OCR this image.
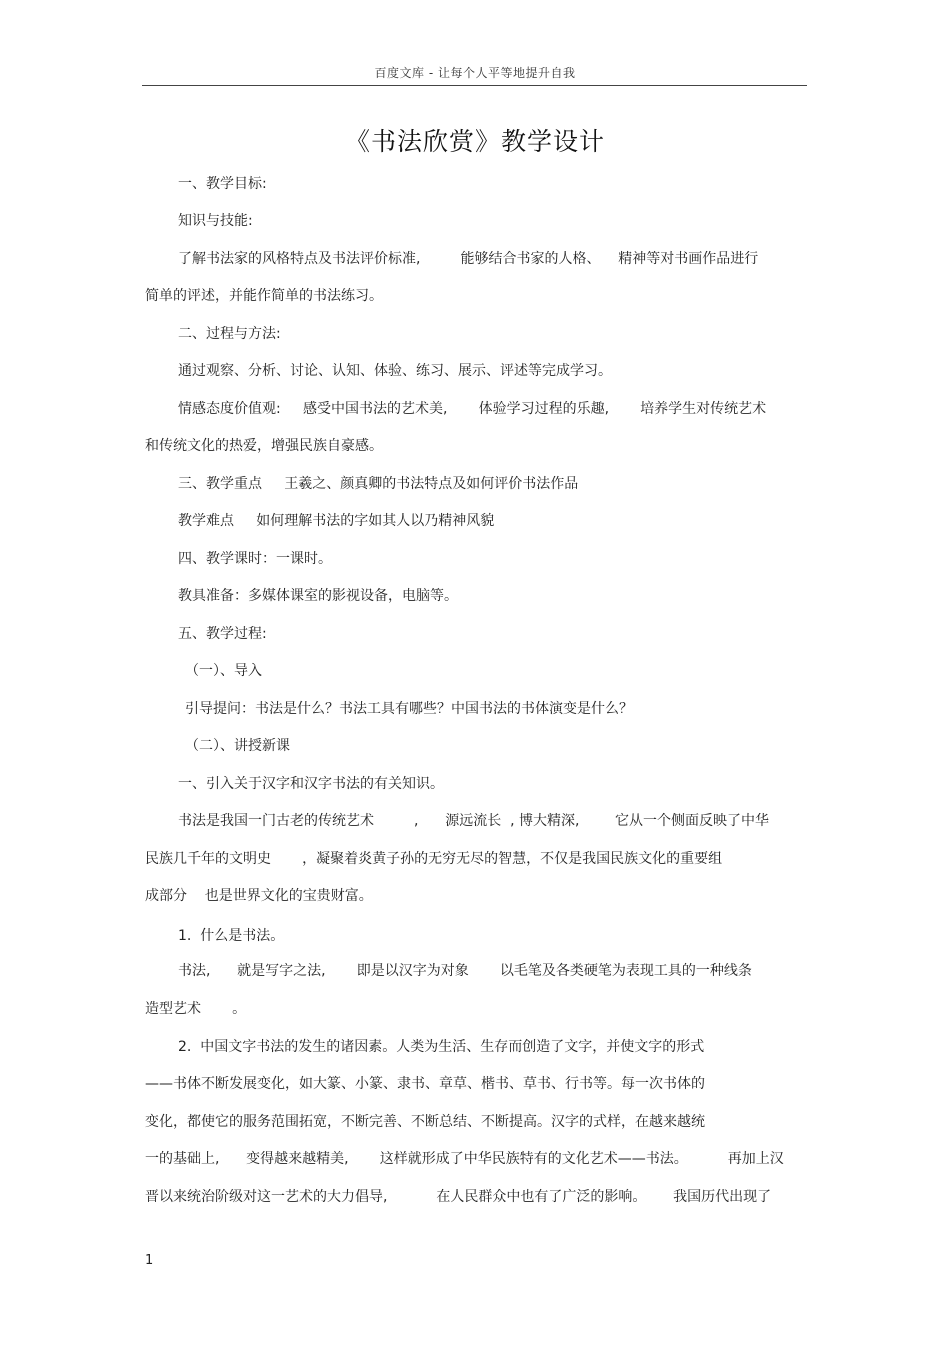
百度文库 - 让每个人平等地提升自我
《书法欣赏》教学设计
一、教学目标:
知识与技能:
了解书法家的风格特点及书法评价标准,         能够结合书家的人格、    精神等对书画作品进行
简单的评述，并能作简单的书法练习。
二、过程与方法:
通过观察、分析、讨论、认知、体验、练习、展示、评述等完成学习。
情感态度价值观:     感受中国书法的艺术美,       体验学习过程的乐趣,       培养学生对传统艺术
和传统文化的热爱，增强民族自豪感。
三、教学重点     王羲之、颜真卿的书法特点及如何评价书法作品
教学难点     如何理解书法的字如其人以乃精神风貌
四、教学课时：一课时。
教具准备：多媒体课室的影视设备，电脑等。
五、教学过程:
（一）、导入
引导提问：书法是什么？书法工具有哪些？中国书法的书体演变是什么？
（二）、讲授新课
一、引入关于汉字和汉字书法的有关知识。
书法是我国一门古老的传统艺术         ,      源远流长  , 博大精深,        它从一个侧面反映了中华
民族几千年的文明史       ，凝聚着炎黄子孙的无穷无尽的智慧，不仅是我国民族文化的重要组
成部分    也是世界文化的宝贵财富。
1.  什么是书法。
书法,      就是写字之法,       即是以汉字为对象       以毛笔及各类硬笔为表现工具的一种线条
造型艺术       。
2.  中国文字书法的发生的诸因素。人类为生活、生存而创造了文字，并使文字的形式
——书体不断发展变化，如大篆、小篆、隶书、章草、楷书、草书、行书等。每一次书体的
变化，都使它的服务范围拓宽，不断完善、不断总结、不断提高。汉字的式样，在越来越统
一的基础上,      变得越来越精美,       这样就形成了中华民族特有的文化艺术——书法。         再加上汉
晋以来统治阶级对这一艺术的大力倡导,           在人民群众中也有了广泛的影响。      我国历代出现了
1
